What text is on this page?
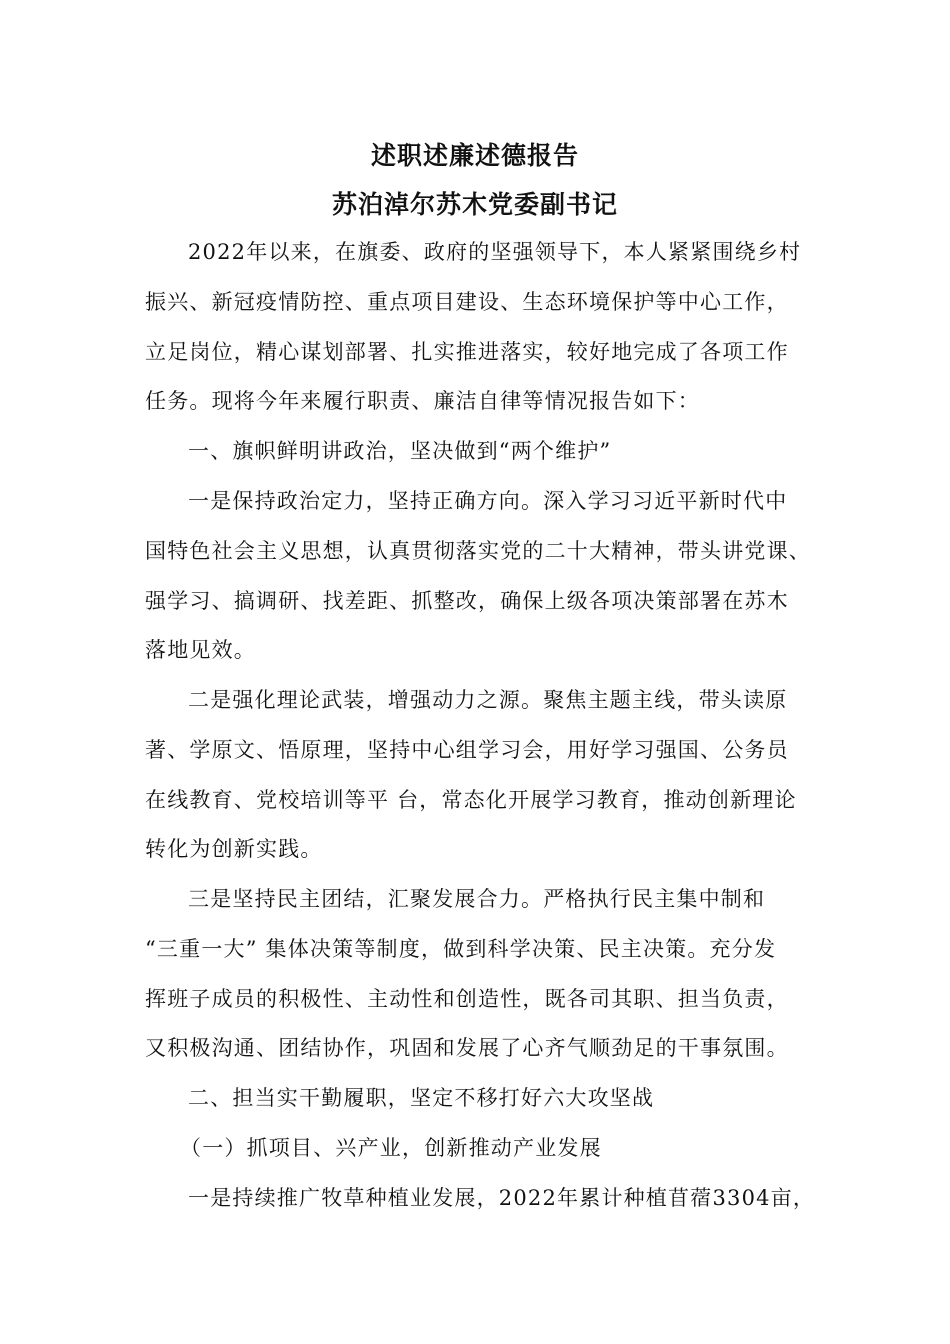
述职述廉述德报告
苏泊淖尔苏木党委副书记
2022年以来，在旗委、政府的坚强领导下，本人紧紧围绕乡村
振兴、新冠疫情防控、重点项目建设、生态环境保护等中心工作，
立足岗位，精心谋划部署、扎实推进落实，较好地完成了各项工作
任务。现将今年来履行职责、廉洁自律等情况报告如下：
一、旗帜鲜明讲政治，坚决做到“两个维护”
一是保持政治定力，坚持正确方向。深入学习习近平新时代中
国特色社会主义思想，认真贯彻落实党的二十大精神，带头讲党课、
强学习、搞调研、找差距、抓整改，确保上级各项决策部署在苏木
落地见效。
二是强化理论武装，增强动力之源。聚焦主题主线，带头读原
著、学原文、悟原理，坚持中心组学习会，用好学习强国、公务员
在线教育、党校培训等平 台，常态化开展学习教育，推动创新理论
转化为创新实践。
三是坚持民主团结，汇聚发展合力。严格执行民主集中制和
“三重一大” 集体决策等制度，做到科学决策、民主决策。充分发
挥班子成员的积极性、主动性和创造性，既各司其职、担当负责，
又积极沟通、团结协作，巩固和发展了心齐气顺劲足的干事氛围。
二、担当实干勤履职，坚定不移打好六大攻坚战
（一）抓项目、兴产业，创新推动产业发展
一是持续推广牧草种植业发展，2022年累计种植苜蓿3304亩，
